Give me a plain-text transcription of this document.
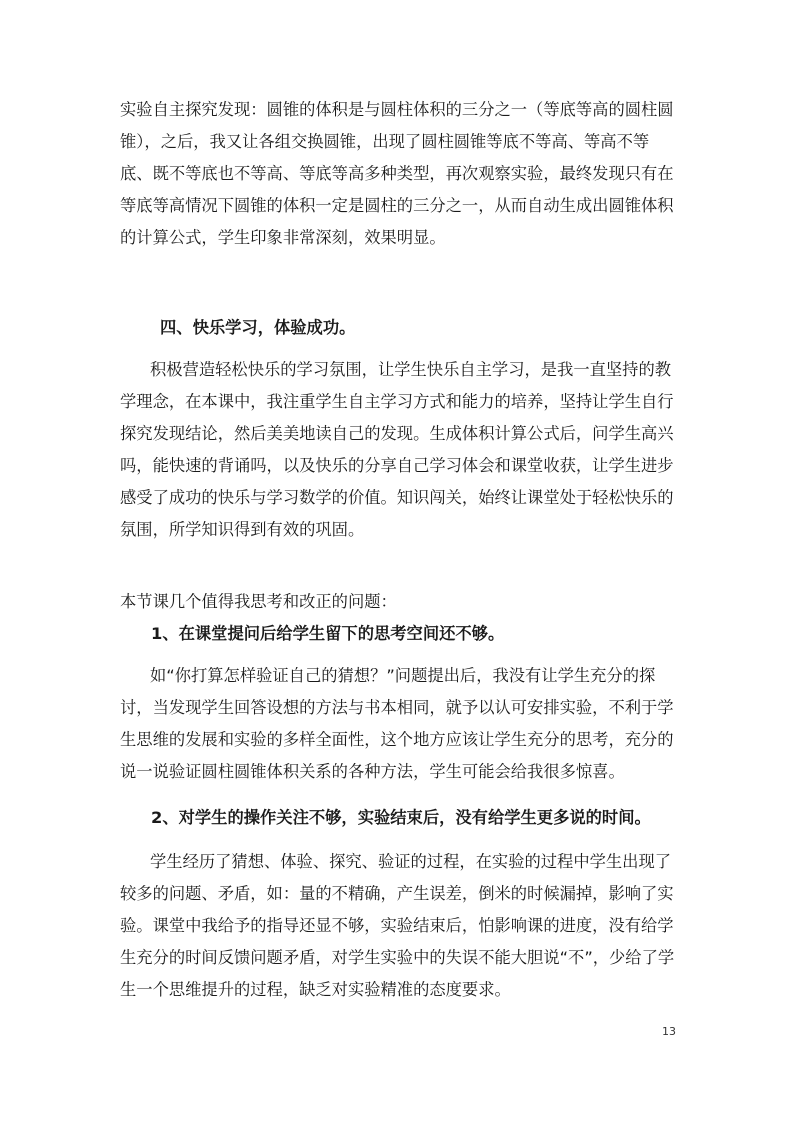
实验自主探究发现：圆锥的体积是与圆柱体积的三分之一（等底等高的圆柱圆锥），之后，我又让各组交换圆锥，出现了圆柱圆锥等底不等高、等高不等底、既不等底也不等高、等底等高多种类型，再次观察实验，最终发现只有在等底等高情况下圆锥的体积一定是圆柱的三分之一，从而自动生成出圆锥体积的计算公式，学生印象非常深刻，效果明显。

四、快乐学习，体验成功。

积极营造轻松快乐的学习氛围，让学生快乐自主学习，是我一直坚持的教学理念，在本课中，我注重学生自主学习方式和能力的培养，坚持让学生自行探究发现结论，然后美美地读自己的发现。生成体积计算公式后，问学生高兴吗，能快速的背诵吗，以及快乐的分享自己学习体会和课堂收获，让学生进步感受了成功的快乐与学习数学的价值。知识闯关，始终让课堂处于轻松快乐的氛围，所学知识得到有效的巩固。

本节课几个值得我思考和改正的问题：

1、在课堂提问后给学生留下的思考空间还不够。

如“你打算怎样验证自己的猜想？”问题提出后，我没有让学生充分的探讨，当发现学生回答设想的方法与书本相同，就予以认可安排实验，不利于学生思维的发展和实验的多样全面性，这个地方应该让学生充分的思考，充分的说一说验证圆柱圆锥体积关系的各种方法，学生可能会给我很多惊喜。

2、对学生的操作关注不够，实验结束后，没有给学生更多说的时间。

学生经历了猜想、体验、探究、验证的过程，在实验的过程中学生出现了较多的问题、矛盾，如：量的不精确，产生误差，倒米的时候漏掉，影响了实验。课堂中我给予的指导还显不够，实验结束后，怕影响课的进度，没有给学生充分的时间反馈问题矛盾，对学生实验中的失误不能大胆说“不”，少给了学生一个思维提升的过程，缺乏对实验精准的态度要求。

13
